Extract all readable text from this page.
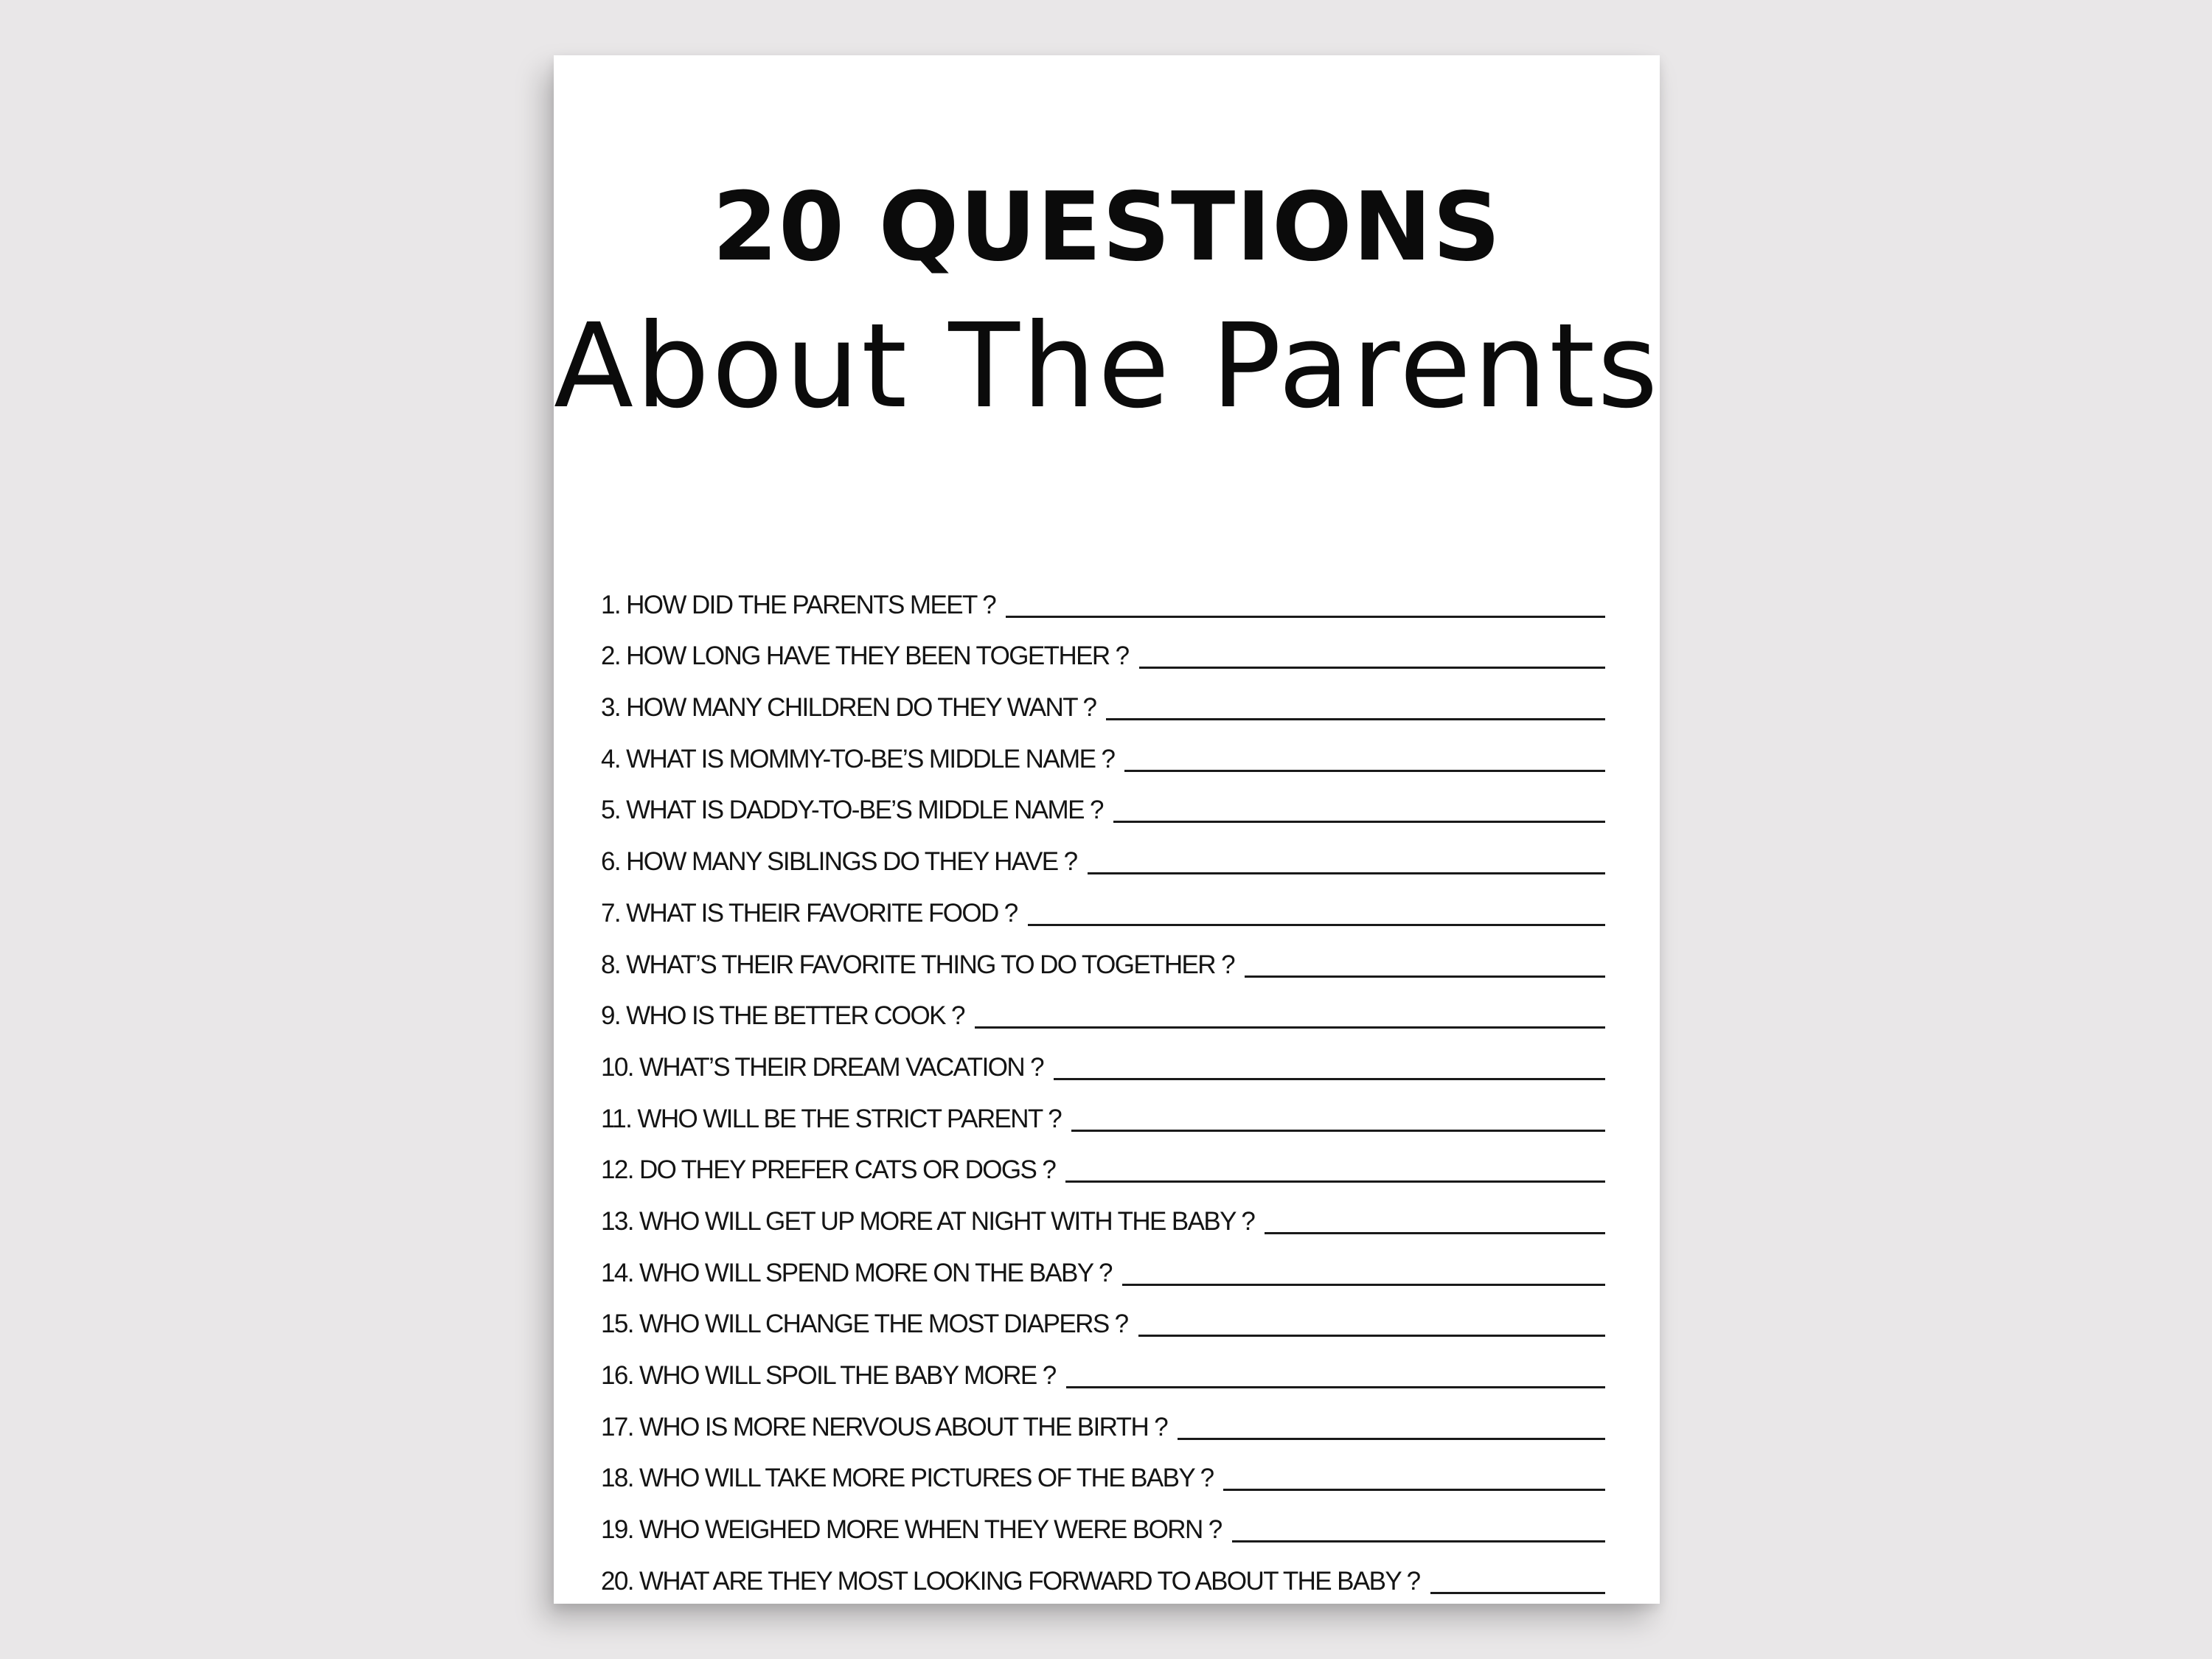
20 QUESTIONS
About The Parents
1. HOW DID THE PARENTS MEET ?
2. HOW LONG HAVE THEY BEEN TOGETHER ?
3. HOW MANY CHILDREN DO THEY WANT ?
4. WHAT IS MOMMY-TO-BE’S MIDDLE NAME ?
5. WHAT IS DADDY-TO-BE’S MIDDLE NAME ?
6. HOW MANY SIBLINGS DO THEY HAVE ?
7. WHAT IS THEIR FAVORITE FOOD ?
8. WHAT’S THEIR FAVORITE THING TO DO TOGETHER ?
9. WHO IS THE BETTER COOK ?
10. WHAT’S THEIR DREAM VACATION ?
11. WHO WILL BE THE STRICT PARENT ?
12. DO THEY PREFER CATS OR DOGS ?
13. WHO WILL GET UP MORE AT NIGHT WITH THE BABY ?
14. WHO WILL SPEND MORE ON THE BABY ?
15. WHO WILL CHANGE THE MOST DIAPERS ?
16. WHO WILL SPOIL THE BABY MORE ?
17. WHO IS MORE NERVOUS ABOUT THE BIRTH ?
18. WHO WILL TAKE MORE PICTURES OF THE BABY ?
19. WHO WEIGHED MORE WHEN THEY WERE BORN ?
20. WHAT ARE THEY MOST LOOKING FORWARD TO ABOUT THE BABY ?
